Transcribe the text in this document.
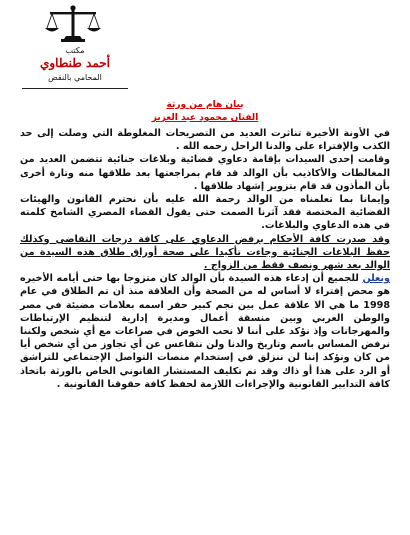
مكتب
أحمد طنطاوي
المحامي بالنقض
بيان هام من ورثة
الفنان محمود عبد العزيز

في الأونة الأخيرة تناثرت العديد من التصريحات المغلوطة التي وصلت إلى حد الكذب والإفتراء على والدنا الراحل رحمه الله .

وقامت إحدى السيدات بإقامة دعاوي قضائية وبلاغات جنائية تتضمن العديد من المغالطات والأكاذيب بأن الوالد قد قام بمراجعتها بعد طلاقها منه وتارة أخرى بأن المأذون قد قام بتزوير إشهاد طلاقها .

وإيمانا بما تعلمناه من الوالد رحمة الله عليه بأن نحترم القانون والهيئات القضائية المختصة فقد آثرنا الصمت حتى يقول القضاء المصري الشامخ كلمته في هذه الدعاوي والبلاغات.

وقد صدرت كافة الأحكام برفض الدعاوي على كافة درجات التقاضي وكذلك حفظ البلاغات الجنائية وجاءت تأكيدا على صحة أوراق طلاق هذه السيدة من الوالد بعد شهر ونصف فقط من الزواج .

ونعلن للجميع أن إدعاء هذه السيدة بأن الوالد كان متزوجا بها حتى أيامه الأخيره هو محض إفتراء لا أساس له من الصحة وأن العلاقة منذ أن تم الطلاق في عام 1998 ما هي الا علاقة عمل بين نجم كبير حفر اسمه بعلامات مضيئة في مصر والوطن العربي وبين منسقة أعمال ومديرة إدارية لتنظيم الإرتباطات والمهرجانات وإذ نؤكد على أننا لا نحب الخوض في صراعات مع أي شخص ولكننا نرفض المساس باسم وتاريخ والدنا ولن نتقاعس عن أي تجاوز من أي شخص أيا من كان ونؤكد إننا لن ننزلق في إستخدام منصات التواصل الإجتماعي للتراشق أو الرد على هذا أو ذاك وقد تم تكليف المستشار القانوني الخاص بالورثة باتخاذ كافة التدابير القانونية والإجراءات اللازمة لحفظ كافة حقوقنا القانونية .
